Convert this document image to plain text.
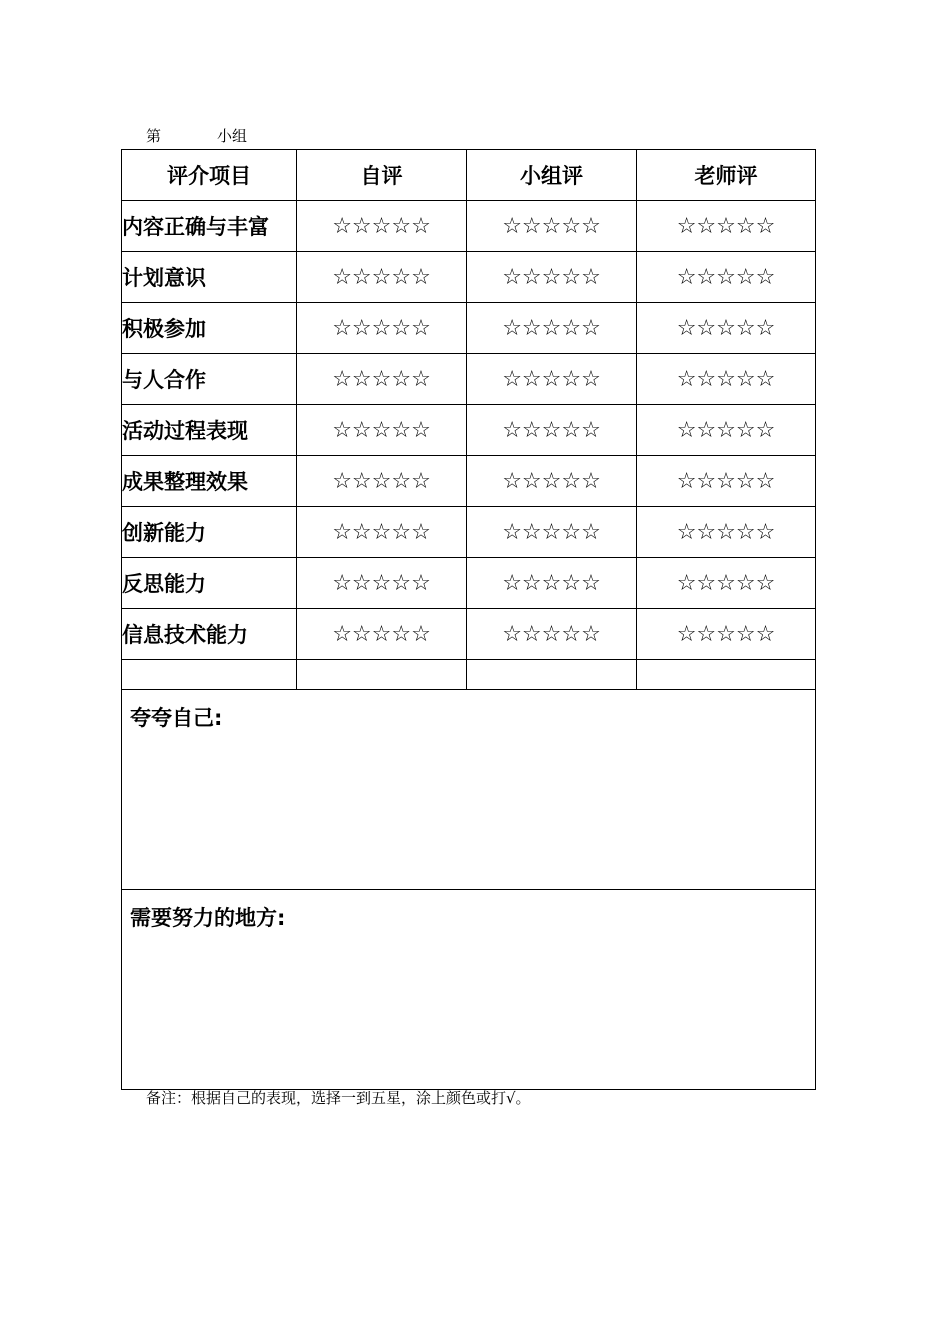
第	小组
评介项目	自评	小组评	老师评
内容正确与丰富	☆☆☆☆☆	☆☆☆☆☆	☆☆☆☆☆
计划意识	☆☆☆☆☆	☆☆☆☆☆	☆☆☆☆☆
积极参加	☆☆☆☆☆	☆☆☆☆☆	☆☆☆☆☆
与人合作	☆☆☆☆☆	☆☆☆☆☆	☆☆☆☆☆
活动过程表现	☆☆☆☆☆	☆☆☆☆☆	☆☆☆☆☆
成果整理效果	☆☆☆☆☆	☆☆☆☆☆	☆☆☆☆☆
创新能力	☆☆☆☆☆	☆☆☆☆☆	☆☆☆☆☆
反思能力	☆☆☆☆☆	☆☆☆☆☆	☆☆☆☆☆
信息技术能力	☆☆☆☆☆	☆☆☆☆☆	☆☆☆☆☆

夸夸自己:			
需要努力的地方:			
备注：根据自己的表现，选择一到五星，涂上颜色或打√。
